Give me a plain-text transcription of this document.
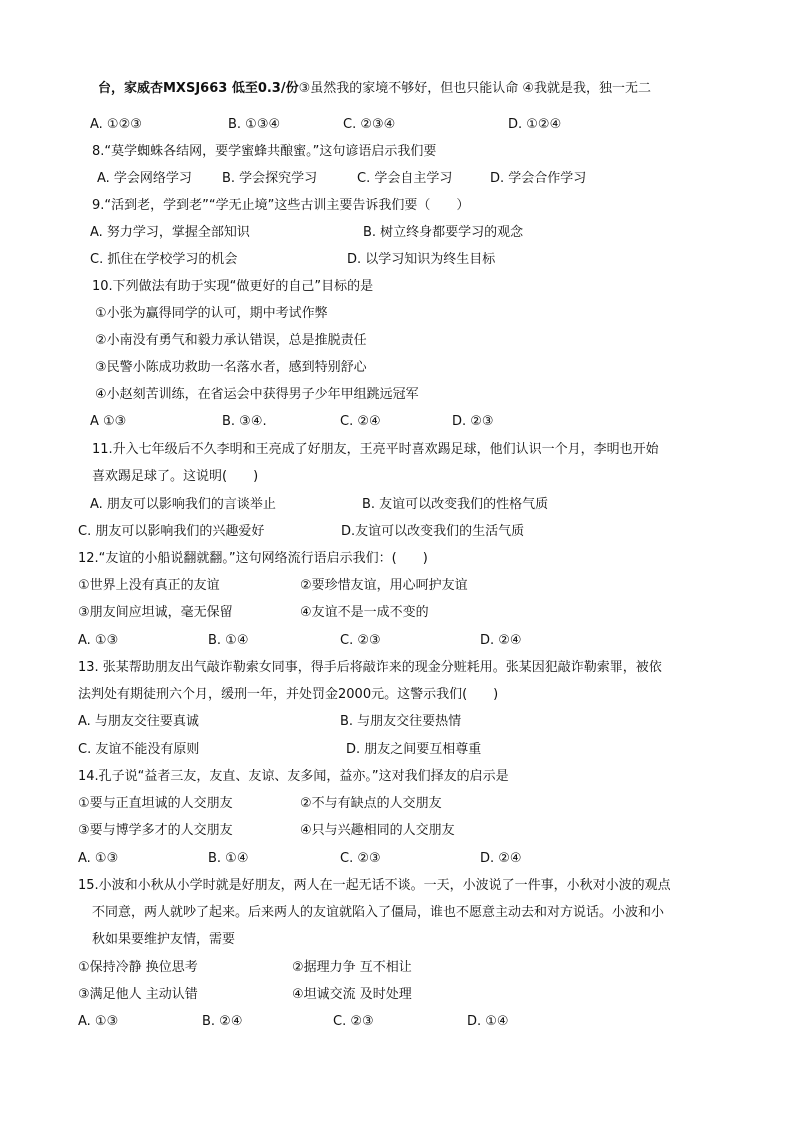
台，家威杏MXSJ663 低至0.3/份③虽然我的家境不够好，但也只能认命 ④我就是我，独一无二
A. ①②③	B. ①③④	C. ②③④	D. ①②④
8.“莫学蜘蛛各结网，要学蜜蜂共酿蜜。”这句谚语启示我们要
A. 学会网络学习 B. 学会探究学习	C. 学会自主学习	D. 学会合作学习
9.“活到老，学到老”“学无止境”这些古训主要告诉我们要（　　）
A. 努力学习，掌握全部知识	B. 树立终身都要学习的观念
C. 抓住在学校学习的机会	D. 以学习知识为终生目标
10.下列做法有助于实现“做更好的自己”目标的是
①小张为赢得同学的认可，期中考试作弊
②小南没有勇气和毅力承认错误，总是推脱责任
③民警小陈成功救助一名落水者，感到特别舒心
④小赵刻苦训练，在省运会中获得男子少年甲组跳远冠军
A ①③	B. ③④.	C. ②④	D. ②③
11.升入七年级后不久李明和王亮成了好朋友，王亮平时喜欢踢足球，他们认识一个月，李明也开始
喜欢踢足球了。这说明(　　)
A. 朋友可以影响我们的言谈举止	B. 友谊可以改变我们的性格气质
C. 朋友可以影响我们的兴趣爱好	D.友谊可以改变我们的生活气质
12.“友谊的小船说翻就翻。”这句网络流行语启示我们：(　　)
①世界上没有真正的友谊	②要珍惜友谊，用心呵护友谊
③朋友间应坦诚，毫无保留	④友谊不是一成不变的
A. ①③	B. ①④	C. ②③	D. ②④
13. 张某帮助朋友出气敲诈勒索女同事，得手后将敲诈来的现金分赃耗用。张某因犯敲诈勒索罪，被依
法判处有期徒刑六个月，缓刑一年，并处罚金2000元。这警示我们(　　)
A. 与朋友交往要真诚	B. 与朋友交往要热情
C. 友谊不能没有原则	D. 朋友之间要互相尊重
14.孔子说“益者三友，友直、友谅、友多闻，益亦。”这对我们择友的启示是
①要与正直坦诚的人交朋友	②不与有缺点的人交朋友
③要与博学多才的人交朋友	④只与兴趣相同的人交朋友
A. ①③	B. ①④	C. ②③	D. ②④
15.小波和小秋从小学时就是好朋友，两人在一起无话不谈。一天，小波说了一件事，小秋对小波的观点
不同意，两人就吵了起来。后来两人的友谊就陷入了僵局，谁也不愿意主动去和对方说话。小波和小
秋如果要维护友情，需要
①保持冷静 换位思考	②据理力争 互不相让
③满足他人 主动认错	④坦诚交流 及时处理
A. ①③	B. ②④	C. ②③	D. ①④
